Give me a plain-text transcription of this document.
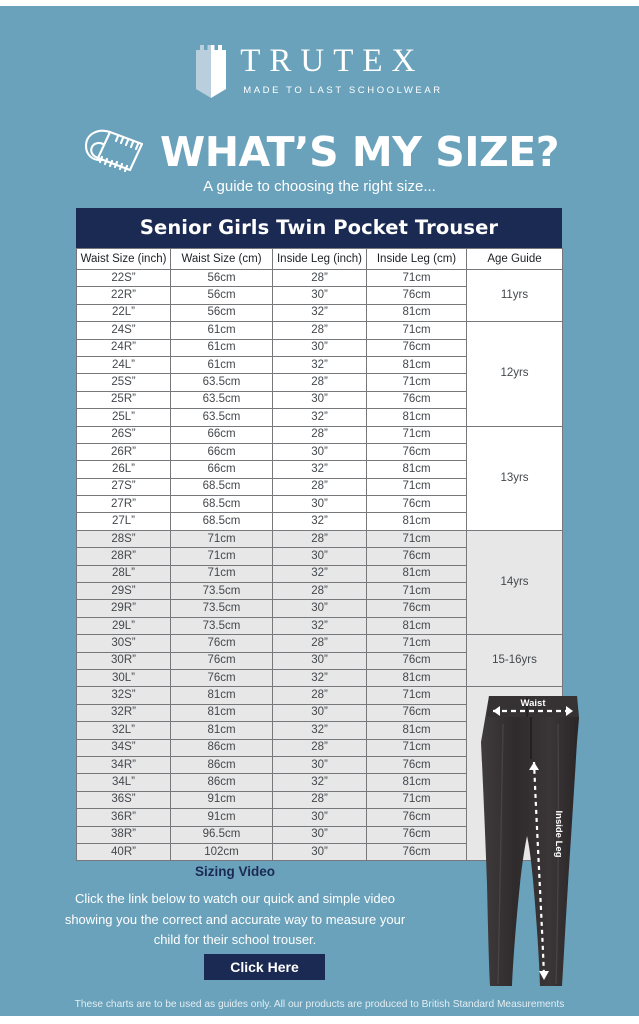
TRUTEX
MADE TO LAST SCHOOLWEAR
WHAT’S MY SIZE?
A guide to choosing the right size...
Senior Girls Twin Pocket Trouser
Waist Size (inch)	Waist Size (cm)	Inside Leg (inch)	Inside Leg (cm)	Age Guide
22S”	56cm	28”	71cm	11yrs
22R”	56cm	30”	76cm	
22L”	56cm	32”	81cm	
24S”	61cm	28”	71cm	12yrs
24R”	61cm	30”	76cm	
24L”	61cm	32”	81cm	
25S”	63.5cm	28”	71cm	
25R”	63.5cm	30”	76cm	
25L”	63.5cm	32”	81cm	
26S”	66cm	28”	71cm	13yrs
26R”	66cm	30”	76cm	
26L”	66cm	32”	81cm	
27S”	68.5cm	28”	71cm	
27R”	68.5cm	30”	76cm	
27L”	68.5cm	32”	81cm	
28S”	71cm	28”	71cm	14yrs
28R”	71cm	30”	76cm	
28L”	71cm	32”	81cm	
29S”	73.5cm	28”	71cm	
29R”	73.5cm	30”	76cm	
29L”	73.5cm	32”	81cm	
30S”	76cm	28”	71cm	15-16yrs
30R”	76cm	30”	76cm	
30L”	76cm	32”	81cm	
32S”	81cm	28”	71cm	
32R”	81cm	30”	76cm	
32L”	81cm	32”	81cm	
34S”	86cm	28”	71cm	
34R”	86cm	30”	76cm	
34L”	86cm	32”	81cm	
36S”	91cm	28”	71cm	
36R”	91cm	30”	76cm	
38R”	96.5cm	30”	76cm	
40R”	102cm	30”	76cm	
Waist
Inside Leg
Sizing Video
Click the link below to watch our quick and simple video showing you the correct and accurate way to measure your child for their school trouser.
Click Here
These charts are to be used as guides only. All our products are produced to British Standard Measurements
